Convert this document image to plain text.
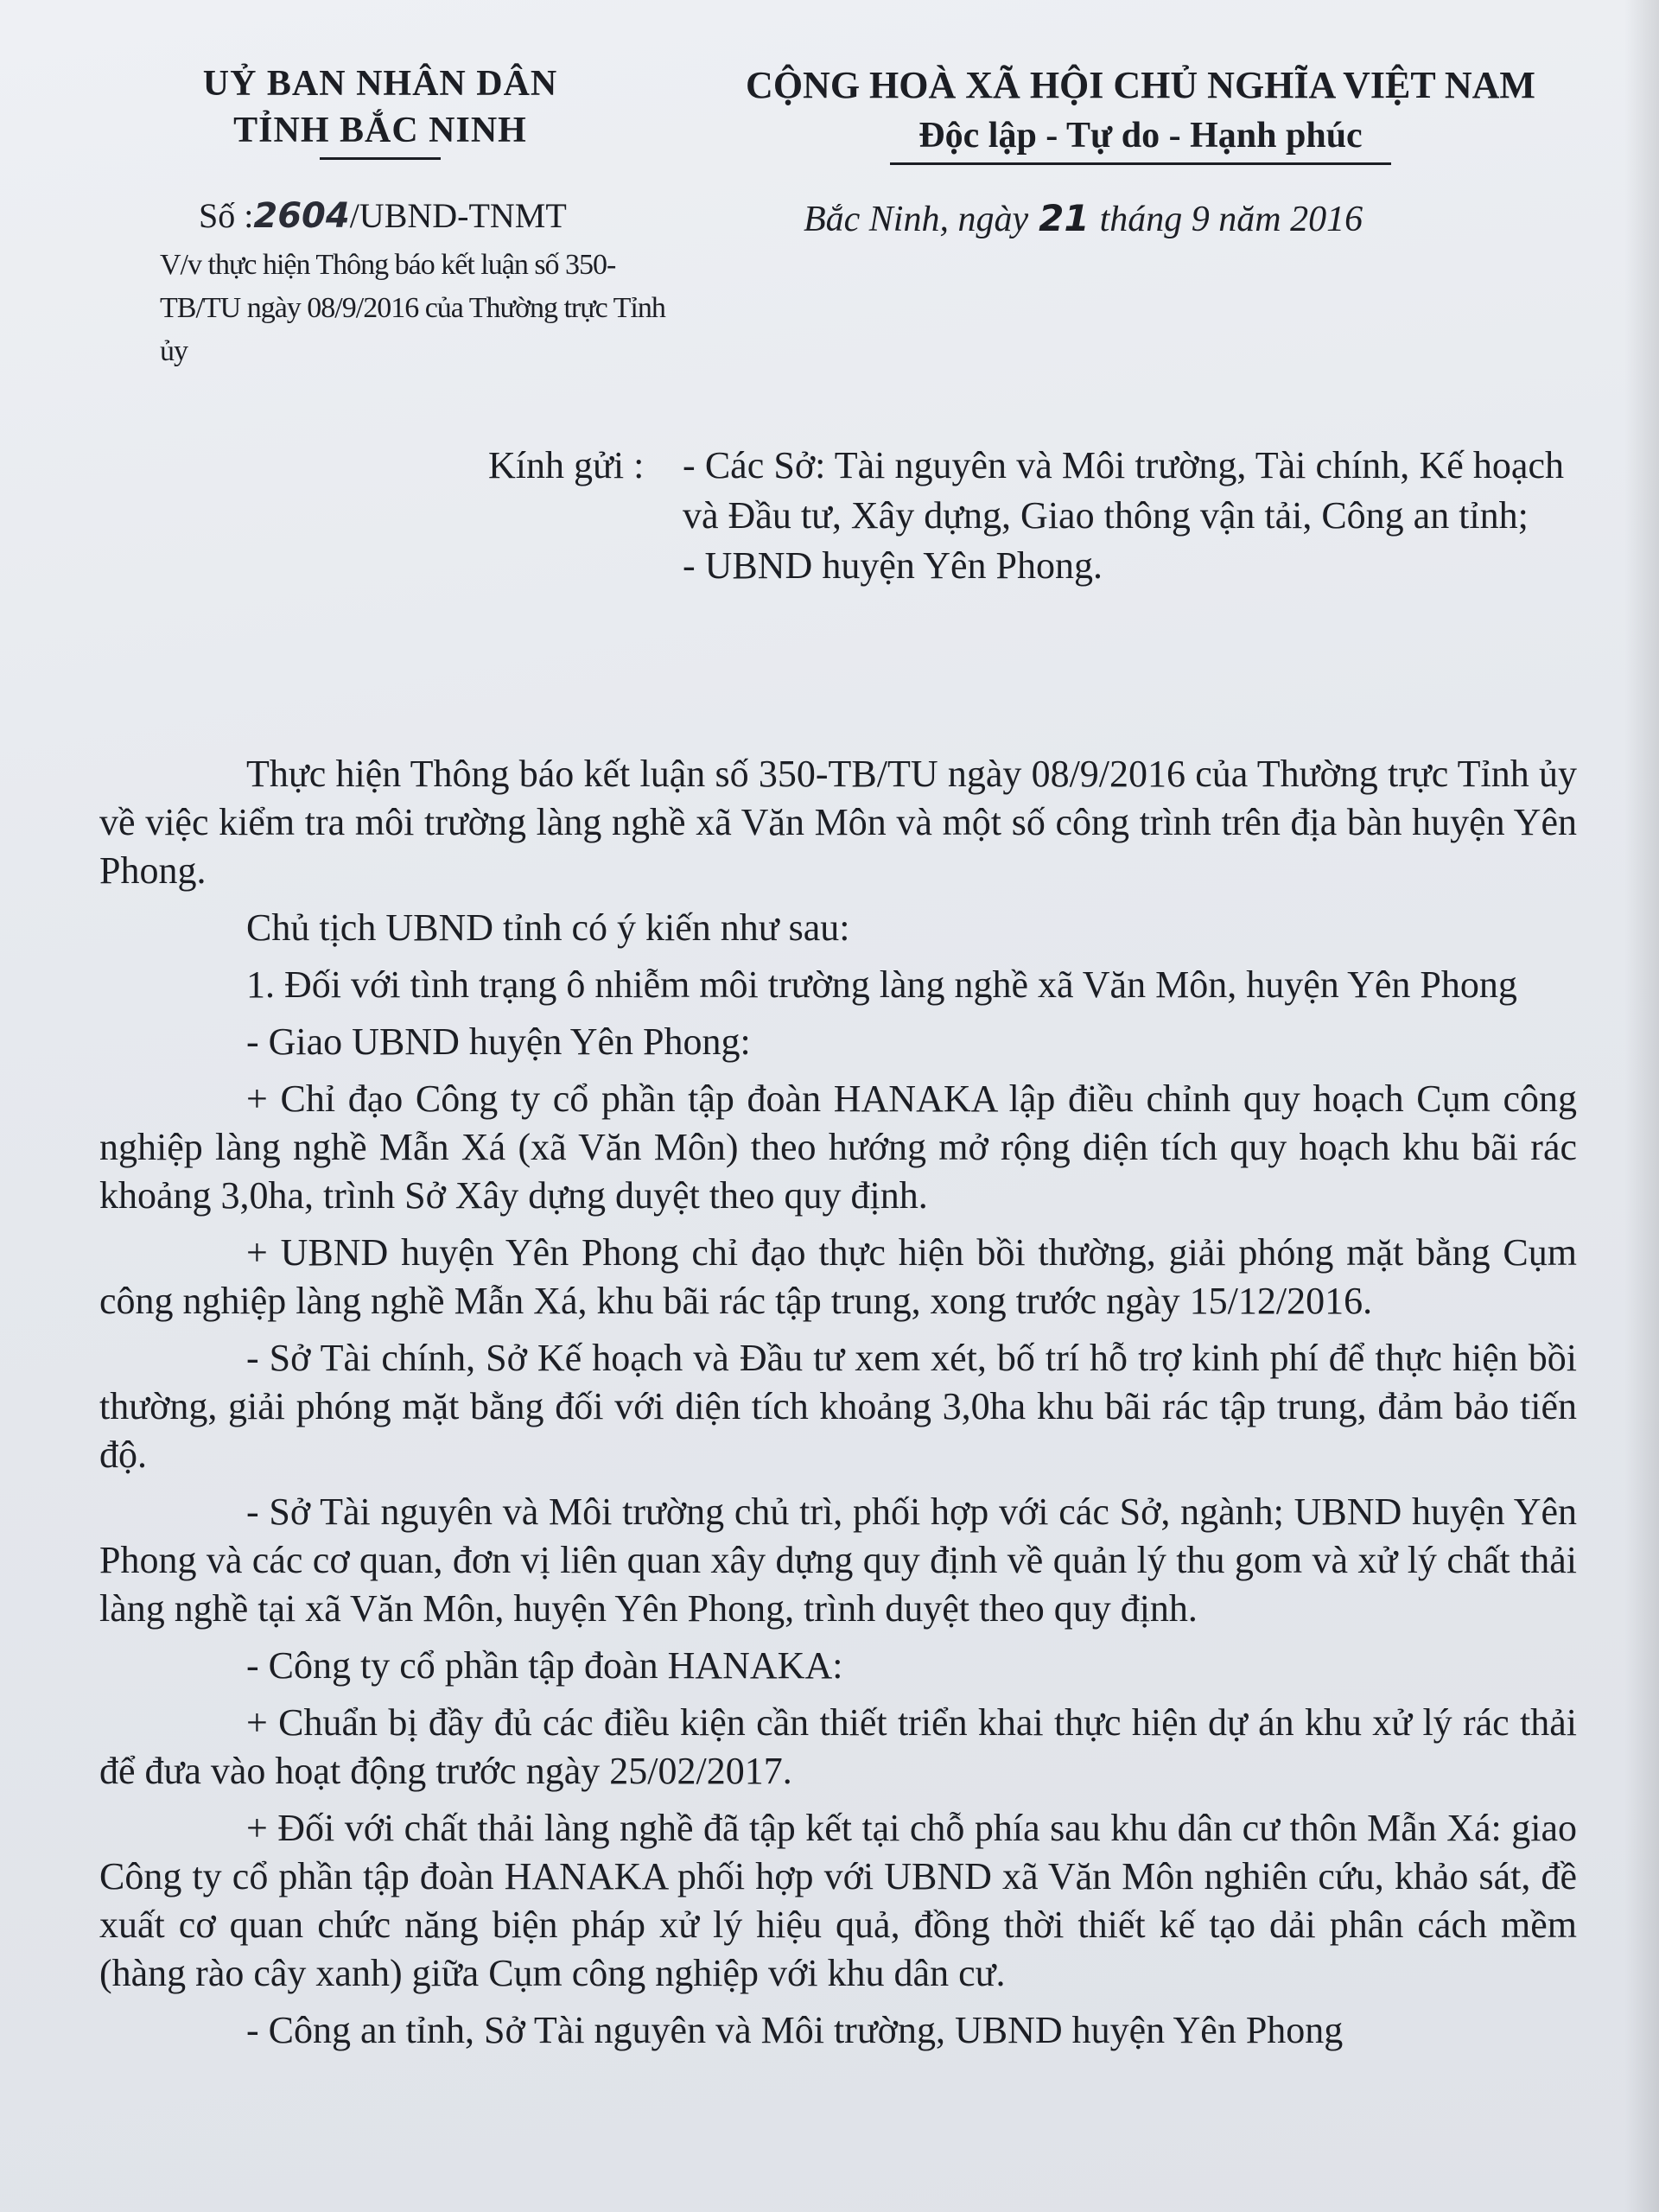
UỶ BAN NHÂN DÂN
TỈNH BẮC NINH
CỘNG HOÀ XÃ HỘI CHỦ NGHĨA VIỆT NAM
Độc lập - Tự do - Hạnh phúc
Số :2604/UBND-TNMT
V/v thực hiện Thông báo kết luận số 350-TB/TU ngày 08/9/2016 của Thường trực Tỉnh ủy
Bắc Ninh, ngày 21 tháng 9 năm 2016
Kính gửi : - Các Sở: Tài nguyên và Môi trường, Tài chính, Kế hoạch và Đầu tư, Xây dựng, Giao thông vận tải, Công an tỉnh;
- UBND huyện Yên Phong.

Thực hiện Thông báo kết luận số 350-TB/TU ngày 08/9/2016 của Thường trực Tỉnh ủy về việc kiểm tra môi trường làng nghề xã Văn Môn và một số công trình trên địa bàn huyện Yên Phong.

Chủ tịch UBND tỉnh có ý kiến như sau:

1. Đối với tình trạng ô nhiễm môi trường làng nghề xã Văn Môn, huyện Yên Phong

- Giao UBND huyện Yên Phong:

+ Chỉ đạo Công ty cổ phần tập đoàn HANAKA lập điều chỉnh quy hoạch Cụm công nghiệp làng nghề Mẫn Xá (xã Văn Môn) theo hướng mở rộng diện tích quy hoạch khu bãi rác khoảng 3,0ha, trình Sở Xây dựng duyệt theo quy định.

+ UBND huyện Yên Phong chỉ đạo thực hiện bồi thường, giải phóng mặt bằng Cụm công nghiệp làng nghề Mẫn Xá, khu bãi rác tập trung, xong trước ngày 15/12/2016.

- Sở Tài chính, Sở Kế hoạch và Đầu tư xem xét, bố trí hỗ trợ kinh phí để thực hiện bồi thường, giải phóng mặt bằng đối với diện tích khoảng 3,0ha khu bãi rác tập trung, đảm bảo tiến độ.

- Sở Tài nguyên và Môi trường chủ trì, phối hợp với các Sở, ngành; UBND huyện Yên Phong và các cơ quan, đơn vị liên quan xây dựng quy định về quản lý thu gom và xử lý chất thải làng nghề tại xã Văn Môn, huyện Yên Phong, trình duyệt theo quy định.

- Công ty cổ phần tập đoàn HANAKA:

+ Chuẩn bị đầy đủ các điều kiện cần thiết triển khai thực hiện dự án khu xử lý rác thải để đưa vào hoạt động trước ngày 25/02/2017.

+ Đối với chất thải làng nghề đã tập kết tại chỗ phía sau khu dân cư thôn Mẫn Xá: giao Công ty cổ phần tập đoàn HANAKA phối hợp với UBND xã Văn Môn nghiên cứu, khảo sát, đề xuất cơ quan chức năng biện pháp xử lý hiệu quả, đồng thời thiết kế tạo dải phân cách mềm (hàng rào cây xanh) giữa Cụm công nghiệp với khu dân cư.

- Công an tỉnh, Sở Tài nguyên và Môi trường, UBND huyện Yên Phong
